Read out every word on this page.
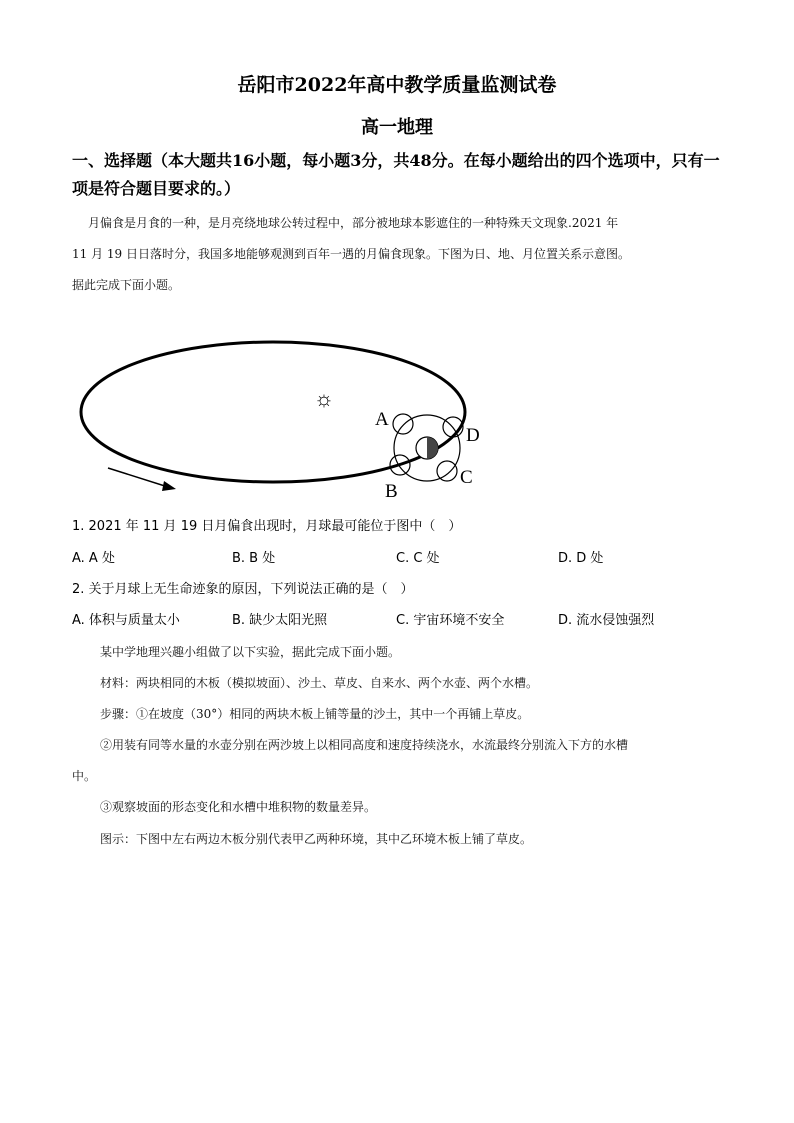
岳阳市2022年高中教学质量监测试卷
高一地理
一、选择题（本大题共16小题，每小题3分，共48分。在每小题给出的四个选项中，只有一项是符合题目要求的。）
月偏食是月食的一种，是月亮绕地球公转过程中，部分被地球本影遮住的一种特殊天文现象.2021 年
11 月 19 日日落时分，我国多地能够观测到百年一遇的月偏食现象。下图为日、地、月位置关系示意图。
据此完成下面小题。
☼
A
D
B
C
1. 2021 年 11 月 19 日月偏食出现时，月球最可能位于图中（　）
A. A 处	B. B 处	C. C 处	D. D 处
2. 关于月球上无生命迹象的原因，下列说法正确的是（　）
A. 体积与质量太小	B. 缺少太阳光照	C. 宇宙环境不安全	D. 流水侵蚀强烈
某中学地理兴趣小组做了以下实验，据此完成下面小题。
材料：两块相同的木板（模拟坡面）、沙土、草皮、自来水、两个水壶、两个水槽。
步骤：①在坡度（30°）相同的两块木板上铺等量的沙土，其中一个再铺上草皮。
②用装有同等水量的水壶分别在两沙坡上以相同高度和速度持续浇水，水流最终分别流入下方的水槽
中。
③观察坡面的形态变化和水槽中堆积物的数量差异。
图示：下图中左右两边木板分别代表甲乙两种环境，其中乙环境木板上铺了草皮。
